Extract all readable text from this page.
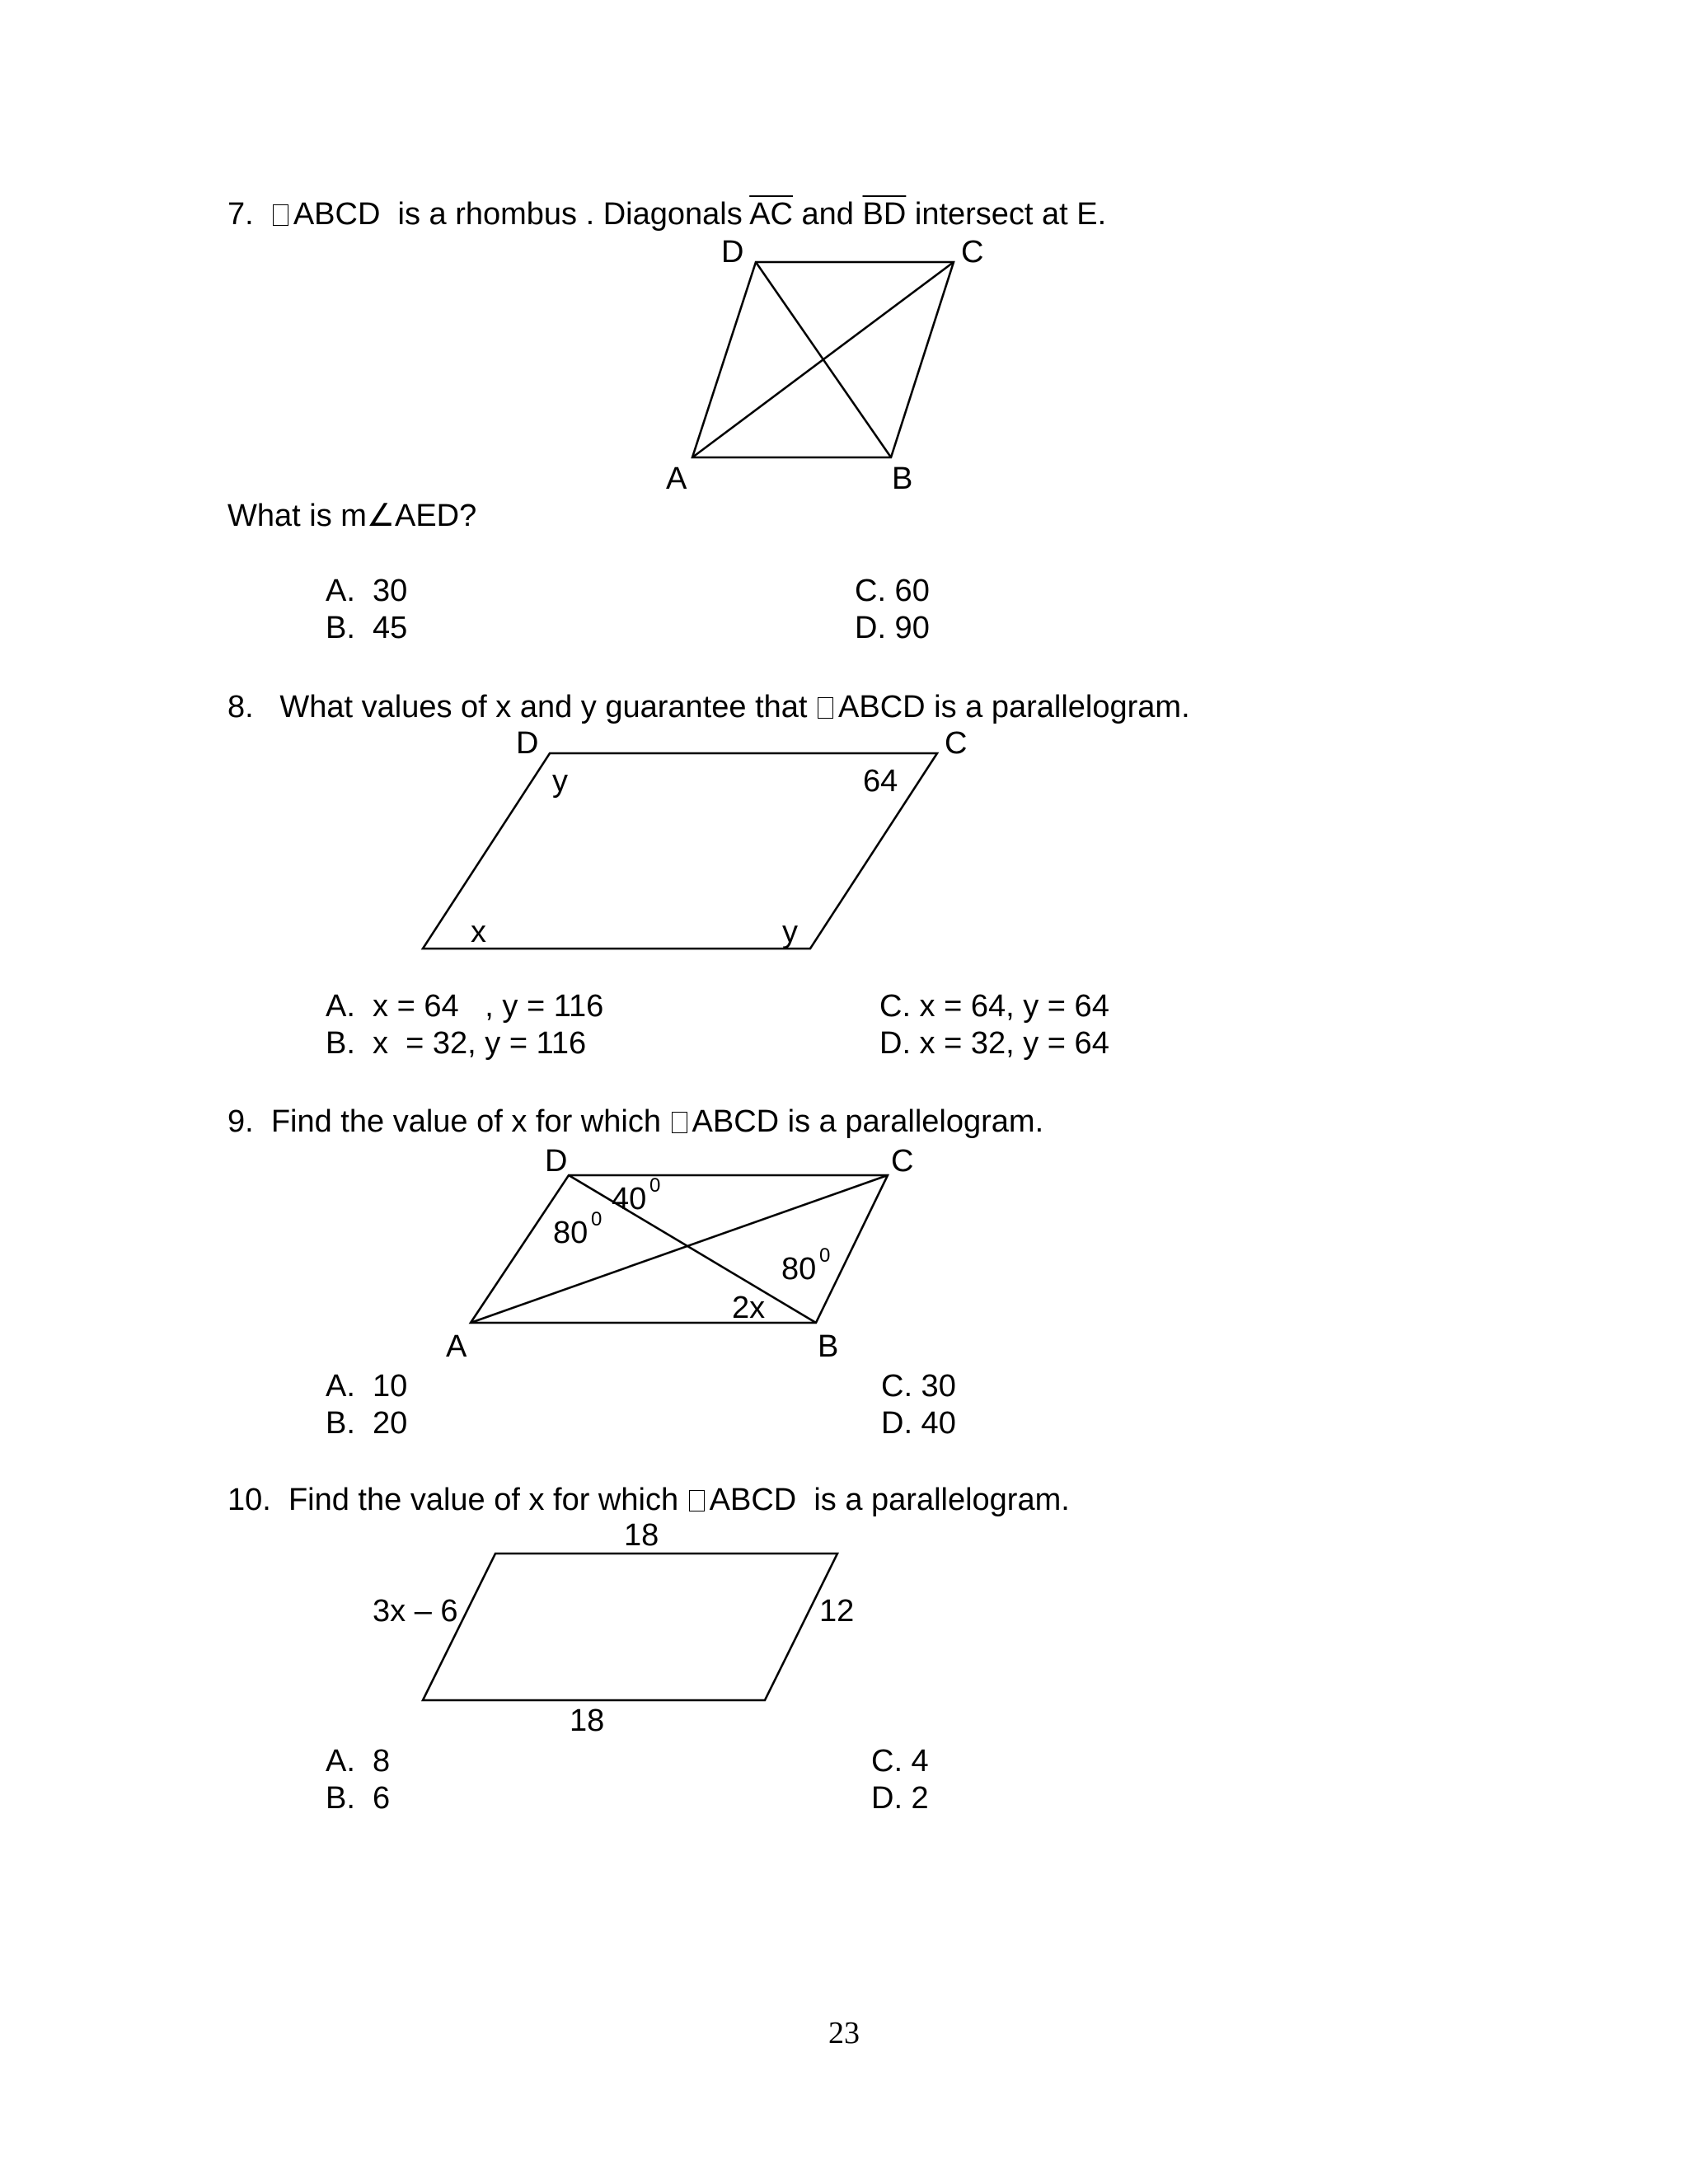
7. ABCD  is a rhombus . Diagonals $\overline{AC}$ and $\overline{BD}$ intersect at E.
D	C
A	B
What is m∠AED?
A.  30
B.  45
C. 60
D. 90
8. What values of x and y guarantee that ABCD is a parallelogram.
D	C
y	64
x	y
A.  x = 64   , y = 116
B.  x  = 32, y = 116
C. x = 64, y = 64
D. x = 32, y = 64
9. Find the value of x for which ABCD is a parallelogram.
D	C
A	B
40 0
80 0
80 0
2x
A.  10
B.  20
C. 30
D. 40
10. Find the value of x for which ABCD  is a parallelogram.
18
3x – 6	12
18
A.  8
B.  6
C. 4
D. 2
23
